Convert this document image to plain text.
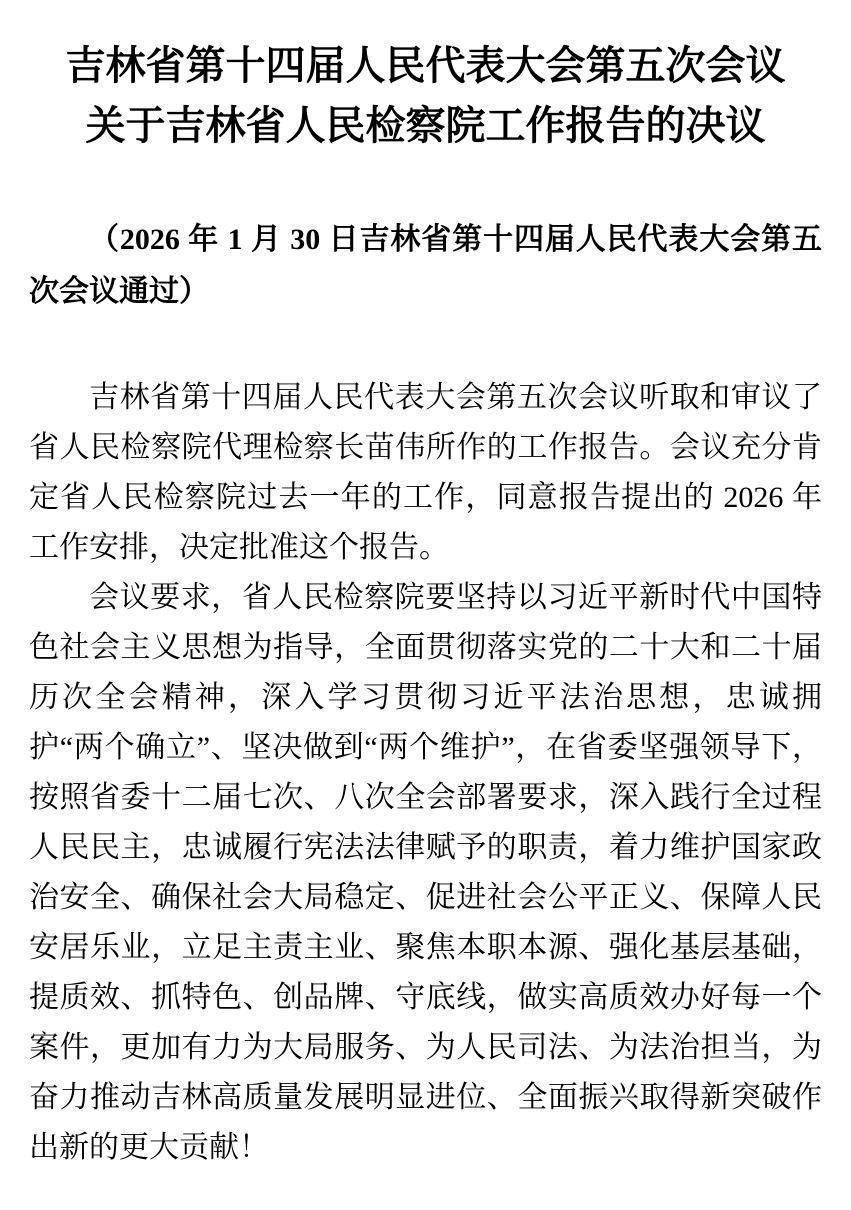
吉林省第十四届人民代表大会第五次会议
关于吉林省人民检察院工作报告的决议

（2026 年 1 月 30 日吉林省第十四届人民代表大会第五次会议通过）

吉林省第十四届人民代表大会第五次会议听取和审议了省人民检察院代理检察长苗伟所作的工作报告。会议充分肯定省人民检察院过去一年的工作，同意报告提出的 2026 年工作安排，决定批准这个报告。

会议要求，省人民检察院要坚持以习近平新时代中国特色社会主义思想为指导，全面贯彻落实党的二十大和二十届历次全会精神，深入学习贯彻习近平法治思想，忠诚拥护“两个确立”、坚决做到“两个维护”，在省委坚强领导下，按照省委十二届七次、八次全会部署要求，深入践行全过程人民民主，忠诚履行宪法法律赋予的职责，着力维护国家政治安全、确保社会大局稳定、促进社会公平正义、保障人民安居乐业，立足主责主业、聚焦本职本源、强化基层基础，提质效、抓特色、创品牌、守底线，做实高质效办好每一个案件，更加有力为大局服务、为人民司法、为法治担当，为奋力推动吉林高质量发展明显进位、全面振兴取得新突破作出新的更大贡献！
